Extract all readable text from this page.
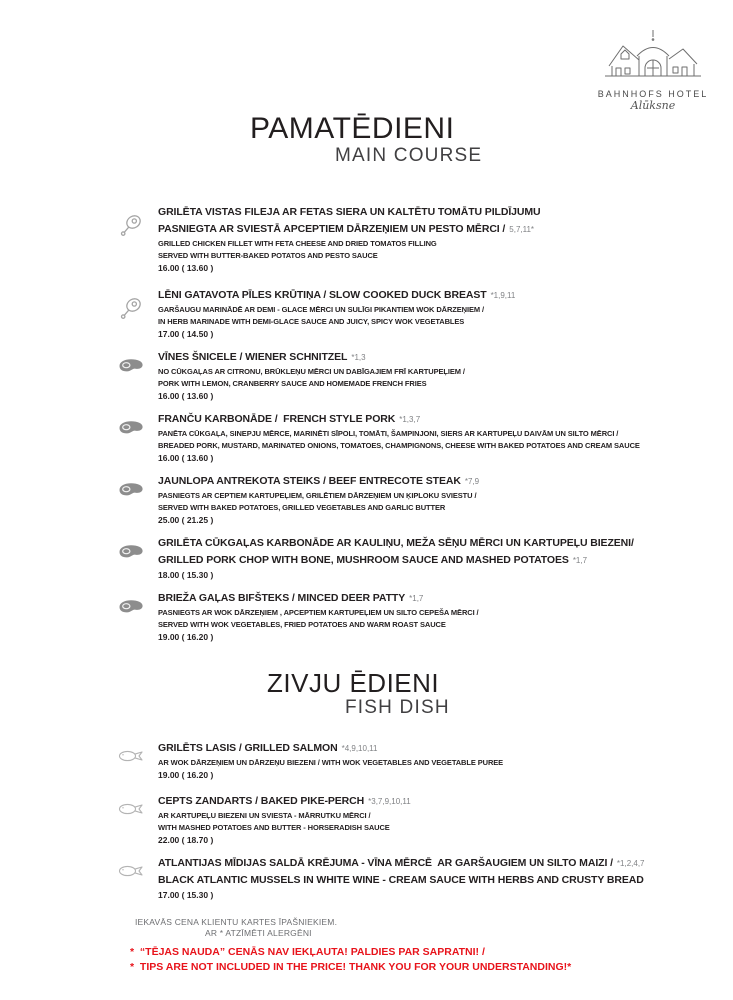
BAHNHOFS HOTEL
Alūksne
PAMATĒDIENI
MAIN COURSE
GRILĒTA VISTAS FILEJA AR FETAS SIERA UN KALTĒTU TOMĀTU PILDĪJUMU
PASNIEGTA AR SVIESTĀ APCEPTIEM DĀRZEŅIEM UN PESTO MĒRCI / 5,7,11*
GRILLED CHICKEN FILLET WITH FETA CHEESE AND DRIED TOMATOS FILLING
SERVED WITH BUTTER-BAKED POTATOS AND PESTO SAUCE
16.00 ( 13.60 )
LĒNI GATAVOTA PĪLES KRŪTIŅA / SLOW COOKED DUCK BREAST *1,9,11
GARŠAUGU MARINĀDĒ AR DEMI - GLACE MĒRCI UN SULĪGI PIKANTIEM WOK DĀRZEŅIEM /
IN HERB MARINADE WITH DEMI-GLACE SAUCE AND JUICY, SPICY WOK VEGETABLES
17.00 ( 14.50 )
VĪNES ŠNICELE / WIENER SCHNITZEL *1,3
NO CŪKGAĻAS AR CITRONU, BRŪKLEŅU MĒRCI UN DABĪGAJIEM FRĪ KARTUPEĻIEM /
PORK WITH LEMON, CRANBERRY SAUCE AND HOMEMADE FRENCH FRIES
16.00 ( 13.60 )
FRANČU KARBONĀDE /  FRENCH STYLE PORK *1,3,7
PANĒTA CŪKGAĻA, SINEPJU MĒRCE, MARINĒTI SĪPOLI, TOMĀTI, ŠAMPINJONI, SIERS AR KARTUPEĻU DAIVĀM UN SILTO MĒRCI /
BREADED PORK, MUSTARD, MARINATED ONIONS, TOMATOES, CHAMPIGNONS, CHEESE WITH BAKED POTATOES AND CREAM SAUCE
16.00 ( 13.60 )
JAUNLOPA ANTREKOTA STEIKS / BEEF ENTRECOTE STEAK *7,9
PASNIEGTS AR CEPTIEM KARTUPEĻIEM, GRILĒTIEM DĀRZEŅIEM UN ĶIPLOKU SVIESTU /
SERVED WITH BAKED POTATOES, GRILLED VEGETABLES AND GARLIC BUTTER
25.00 ( 21.25 )
GRILĒTA CŪKGAĻAS KARBONĀDE AR KAULIŅU, MEŽA SĒŅU MĒRCI UN KARTUPEĻU BIEZENI/
GRILLED PORK CHOP WITH BONE, MUSHROOM SAUCE AND MASHED POTATOES *1,7
18.00 ( 15.30 )
BRIEŽA GAĻAS BIFŠTEKS / MINCED DEER PATTY *1,7
PASNIEGTS AR WOK DĀRZEŅIEM , APCEPTIEM KARTUPEĻIEM UN SILTO CEPEŠA MĒRCI /
SERVED WITH WOK VEGETABLES, FRIED POTATOES AND WARM ROAST SAUCE
19.00 ( 16.20 )
ZIVJU ĒDIENI
FISH DISH
GRILĒTS LASIS / GRILLED SALMON *4,9,10,11
AR WOK DĀRZEŅIEM UN DĀRZEŅU BIEZENI / WITH WOK VEGETABLES AND VEGETABLE PUREE
19.00 ( 16.20 )
CEPTS ZANDARTS / BAKED PIKE-PERCH *3,7,9,10,11
AR KARTUPEĻU BIEZENI UN SVIESTA - MĀRRUTKU MĒRCI /
WITH MASHED POTATOES AND BUTTER - HORSERADISH SAUCE
22.00 ( 18.70 )
ATLANTIJAS MĪDIJAS SALDĀ KRĒJUMA - VĪNA MĒRCĒ  AR GARŠAUGIEM UN SILTO MAIZI / *1,2,4,7
BLACK ATLANTIC MUSSELS IN WHITE WINE - CREAM SAUCE WITH HERBS AND CRUSTY BREAD
17.00 ( 15.30 )
IEKAVĀS CENA KLIENTU KARTES ĪPAŠNIEKIEM.
AR * ATZĪMĒTI ALERGĒNI
*  “TĒJAS NAUDA” CENĀS NAV IEKĻAUTA! PALDIES PAR SAPRATNI! /
*  TIPS ARE NOT INCLUDED IN THE PRICE! THANK YOU FOR YOUR UNDERSTANDING!*
